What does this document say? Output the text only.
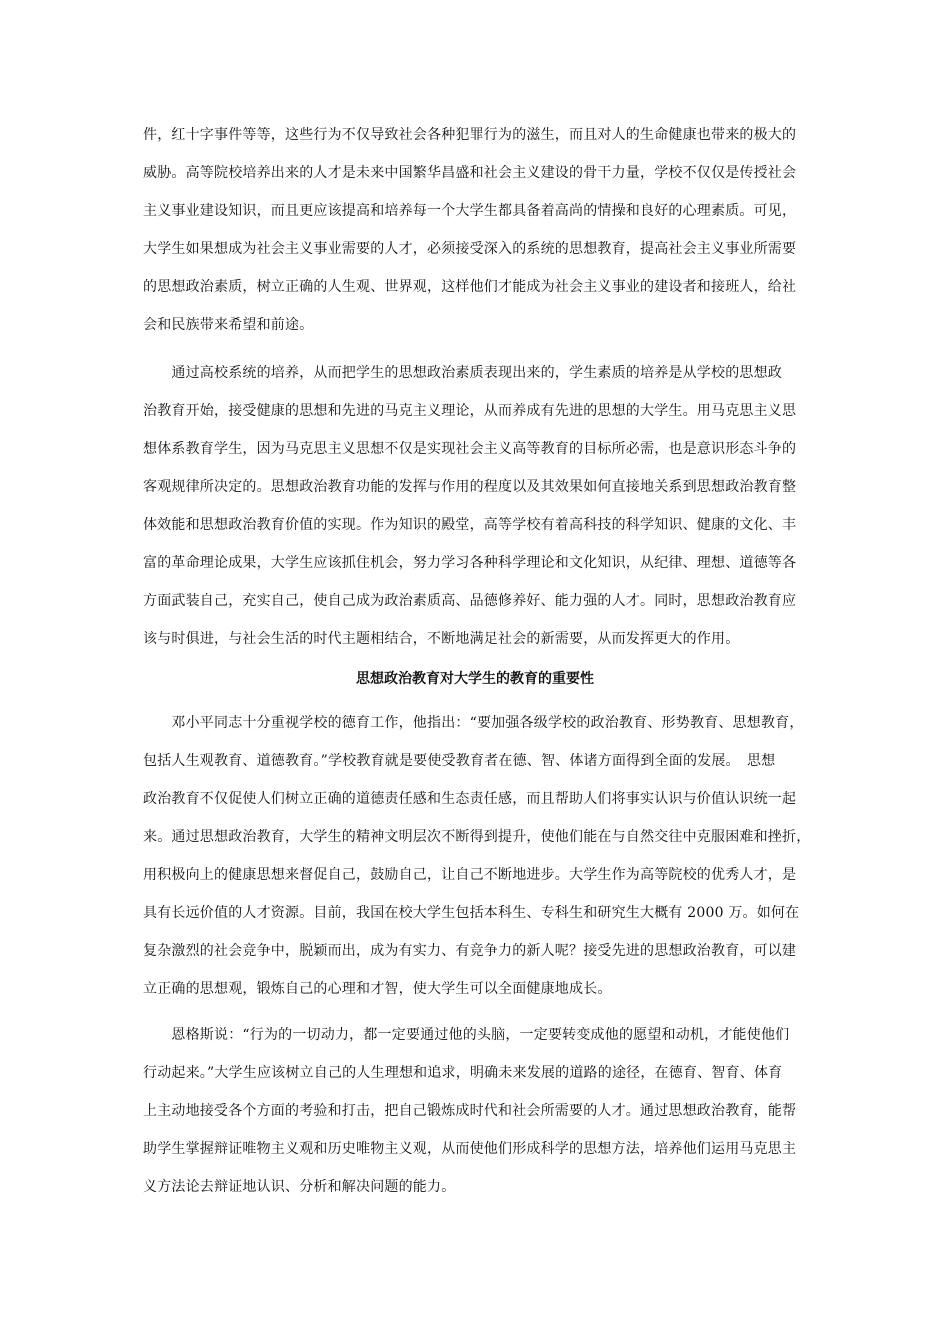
件，红十字事件等等，这些行为不仅导致社会各种犯罪行为的滋生，而且对人的生命健康也带来的极大的
威胁。高等院校培养出来的人才是未来中国繁华昌盛和社会主义建设的骨干力量，学校不仅仅是传授社会
主义事业建设知识，而且更应该提高和培养每一个大学生都具备着高尚的情操和良好的心理素质。可见，
大学生如果想成为社会主义事业需要的人才，必须接受深入的系统的思想教育，提高社会主义事业所需要
的思想政治素质，树立正确的人生观、世界观，这样他们才能成为社会主义事业的建设者和接班人，给社
会和民族带来希望和前途。
　　通过高校系统的培养，从而把学生的思想政治素质表现出来的，学生素质的培养是从学校的思想政
治教育开始，接受健康的思想和先进的马克主义理论，从而养成有先进的思想的大学生。用马克思主义思
想体系教育学生，因为马克思主义思想不仅是实现社会主义高等教育的目标所必需，也是意识形态斗争的
客观规律所决定的。思想政治教育功能的发挥与作用的程度以及其效果如何直接地关系到思想政治教育整
体效能和思想政治教育价值的实现。作为知识的殿堂，高等学校有着高科技的科学知识、健康的文化、丰
富的革命理论成果，大学生应该抓住机会，努力学习各种科学理论和文化知识，从纪律、理想、道德等各
方面武装自己，充实自己，使自己成为政治素质高、品德修养好、能力强的人才。同时，思想政治教育应
该与时俱进，与社会生活的时代主题相结合，不断地满足社会的新需要，从而发挥更大的作用。
思想政治教育对大学生的教育的重要性
　　邓小平同志十分重视学校的德育工作，他指出：“要加强各级学校的政治教育、形势教育、思想教育，
包括人生观教育、道德教育。”学校教育就是要使受教育者在德、智、体诸方面得到全面的发展。　思想
政治教育不仅促使人们树立正确的道德责任感和生态责任感，而且帮助人们将事实认识与价值认识统一起
来。通过思想政治教育，大学生的精神文明层次不断得到提升，使他们能在与自然交往中克服困难和挫折，
用积极向上的健康思想来督促自己，鼓励自己，让自己不断地进步。大学生作为高等院校的优秀人才，是
具有长远价值的人才资源。目前，我国在校大学生包括本科生、专科生和研究生大概有 2000 万。如何在
复杂激烈的社会竞争中，脱颖而出，成为有实力、有竞争力的新人呢？接受先进的思想政治教育，可以建
立正确的思想观，锻炼自己的心理和才智，使大学生可以全面健康地成长。
　　恩格斯说：“行为的一切动力，都一定要通过他的头脑，一定要转变成他的愿望和动机，才能使他们
行动起来。”大学生应该树立自己的人生理想和追求，明确未来发展的道路的途径，在德育、智育、体育
上主动地接受各个方面的考验和打击，把自己锻炼成时代和社会所需要的人才。通过思想政治教育，能帮
助学生掌握辩证唯物主义观和历史唯物主义观，从而使他们形成科学的思想方法，培养他们运用马克思主
义方法论去辩证地认识、分析和解决问题的能力。
